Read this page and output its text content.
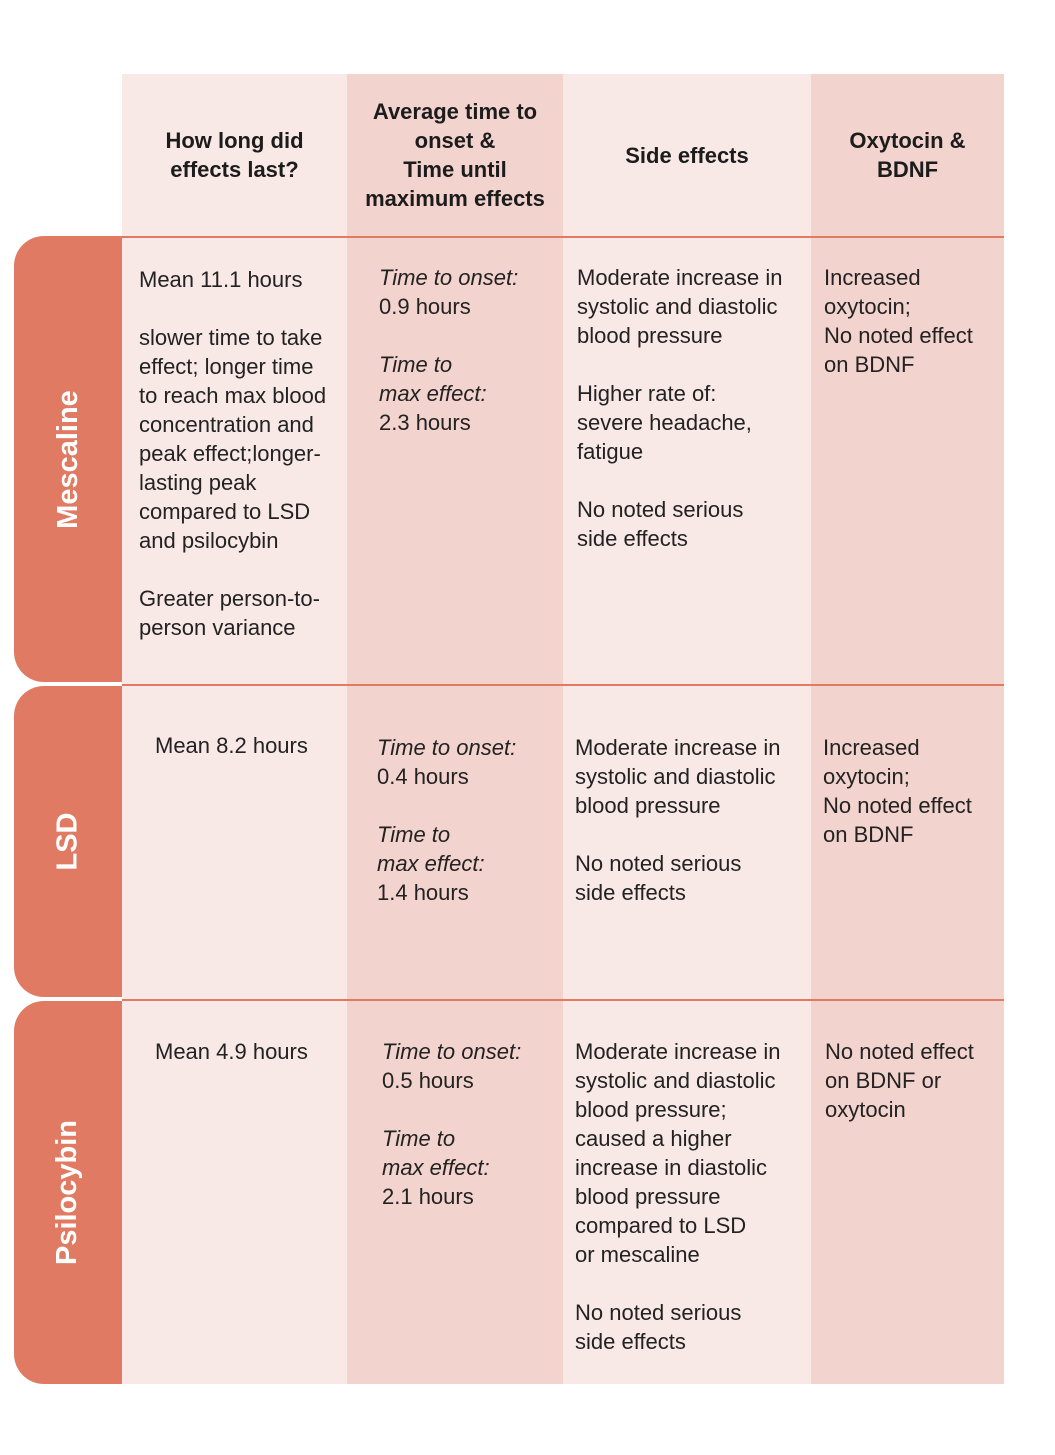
How long did
effects last?
Average time to
onset &
Time until
maximum effects
Side effects
Oxytocin &
BDNF
Mescaline
LSD
Psilocybin

Mean 11.1 hours

slower time to take
effect; longer time
to reach max blood
concentration and
peak effect;longer-
lasting peak
compared to LSD
and psilocybin

Greater person-to-
person variance

Time to onset:
0.9 hours

Time to
max effect:
2.3 hours

Moderate increase in
systolic and diastolic
blood pressure

Higher rate of:
severe headache,
fatigue

No noted serious
side effects

Increased
oxytocin;
No noted effect
on BDNF
Mean 8.2 hours	Time to onset:
0.4 hours

Time to
max effect:
1.4 hours

Moderate increase in
systolic and diastolic
blood pressure

No noted serious
side effects

Increased
oxytocin;
No noted effect
on BDNF
Mean 4.9 hours	Time to onset:
0.5 hours

Time to
max effect:
2.1 hours

Moderate increase in
systolic and diastolic
blood pressure;
caused a higher
increase in diastolic
blood pressure
compared to LSD
or mescaline

No noted serious
side effects

No noted effect
on BDNF or
oxytocin
